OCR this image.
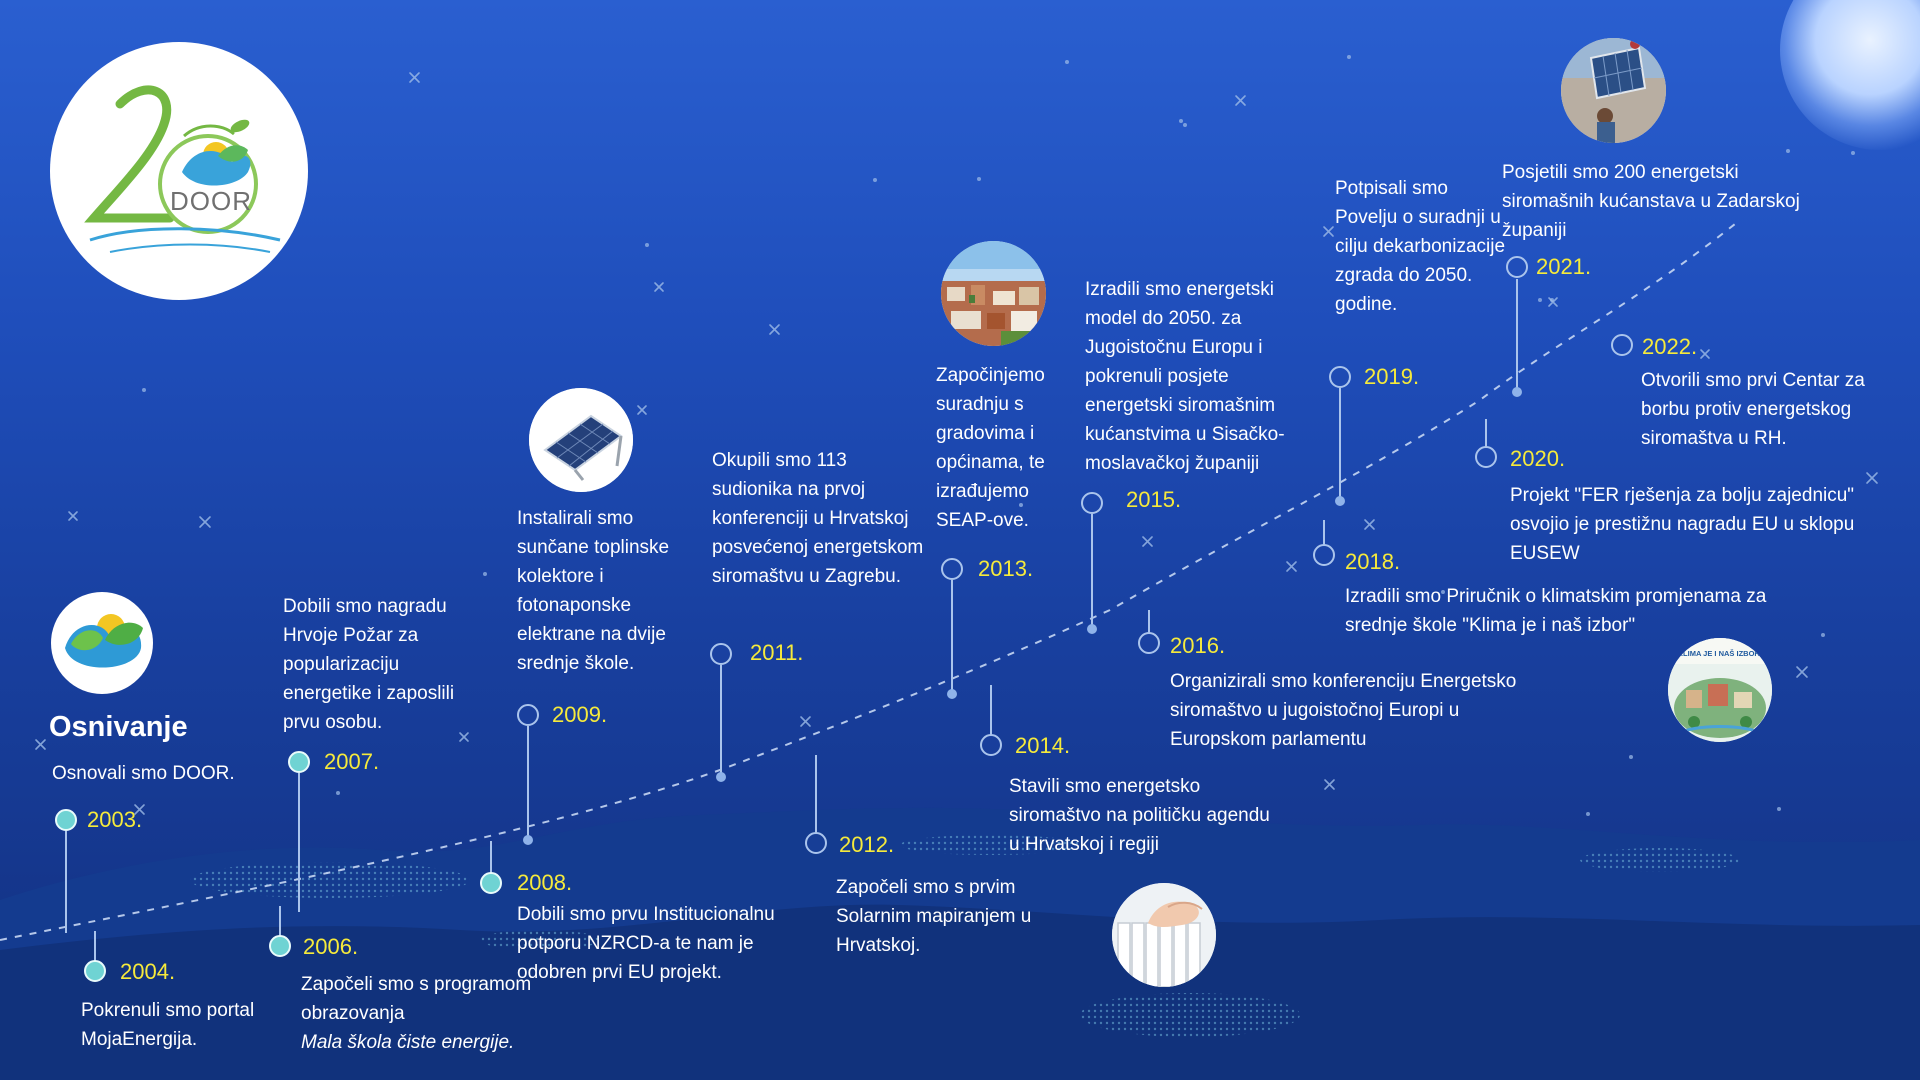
DOOR
KLIMA JE I NAŠ IZBOR!
Osnivanje
2003.
2004.
2006.
2007.
2008.
2009.
2011.
2012.
2013.
2014.
2015.
2016.
2018.
2019.
2020.
2021.
2022.
Osnovali smo DOOR.
Pokrenuli smo portal MojaEnergija.
Započeli smo s programom obrazovanja
Mala škola čiste energije.
Dobili smo nagradu Hrvoje Požar za popularizaciju energetike i zaposlili prvu osobu.
Dobili smo prvu Institucionalnu potporu NZRCD-a te nam je odobren prvi EU projekt.
Instalirali smo sunčane toplinske kolektore i fotonaponske elektrane na dvije srednje škole.
Okupili smo 113 sudionika na prvoj konferenciji u Hrvatskoj posvećenoj energetskom siromaštvu u Zagrebu.
Započeli smo s prvim Solarnim mapiranjem u Hrvatskoj.
Započinjemo suradnju s gradovima i općinama, te izrađujemo SEAP-ove.
Stavili smo energetsko siromaštvo na političku agendu u Hrvatskoj i regiji
Izradili smo energetski model do 2050. za Jugoistočnu Europu i pokrenuli posjete energetski siromašnim kućanstvima u Sisačko-moslavačkoj županiji
Organizirali smo konferenciju Energetsko siromaštvo u jugoistočnoj Europi u Europskom parlamentu
Izradili smo Priručnik o klimatskim promjenama za srednje škole "Klima je i naš izbor"
Potpisali smo Povelju o suradnji u cilju dekarbonizacije zgrada do 2050. godine.
Projekt "FER rješenja za bolju zajednicu" osvojio je prestižnu nagradu EU u sklopu EUSEW
Posjetili smo 200 energetski siromašnih kućanstava u Zadarskoj županiji
Otvorili smo prvi Centar za borbu protiv energetskog siromaštva u RH.
